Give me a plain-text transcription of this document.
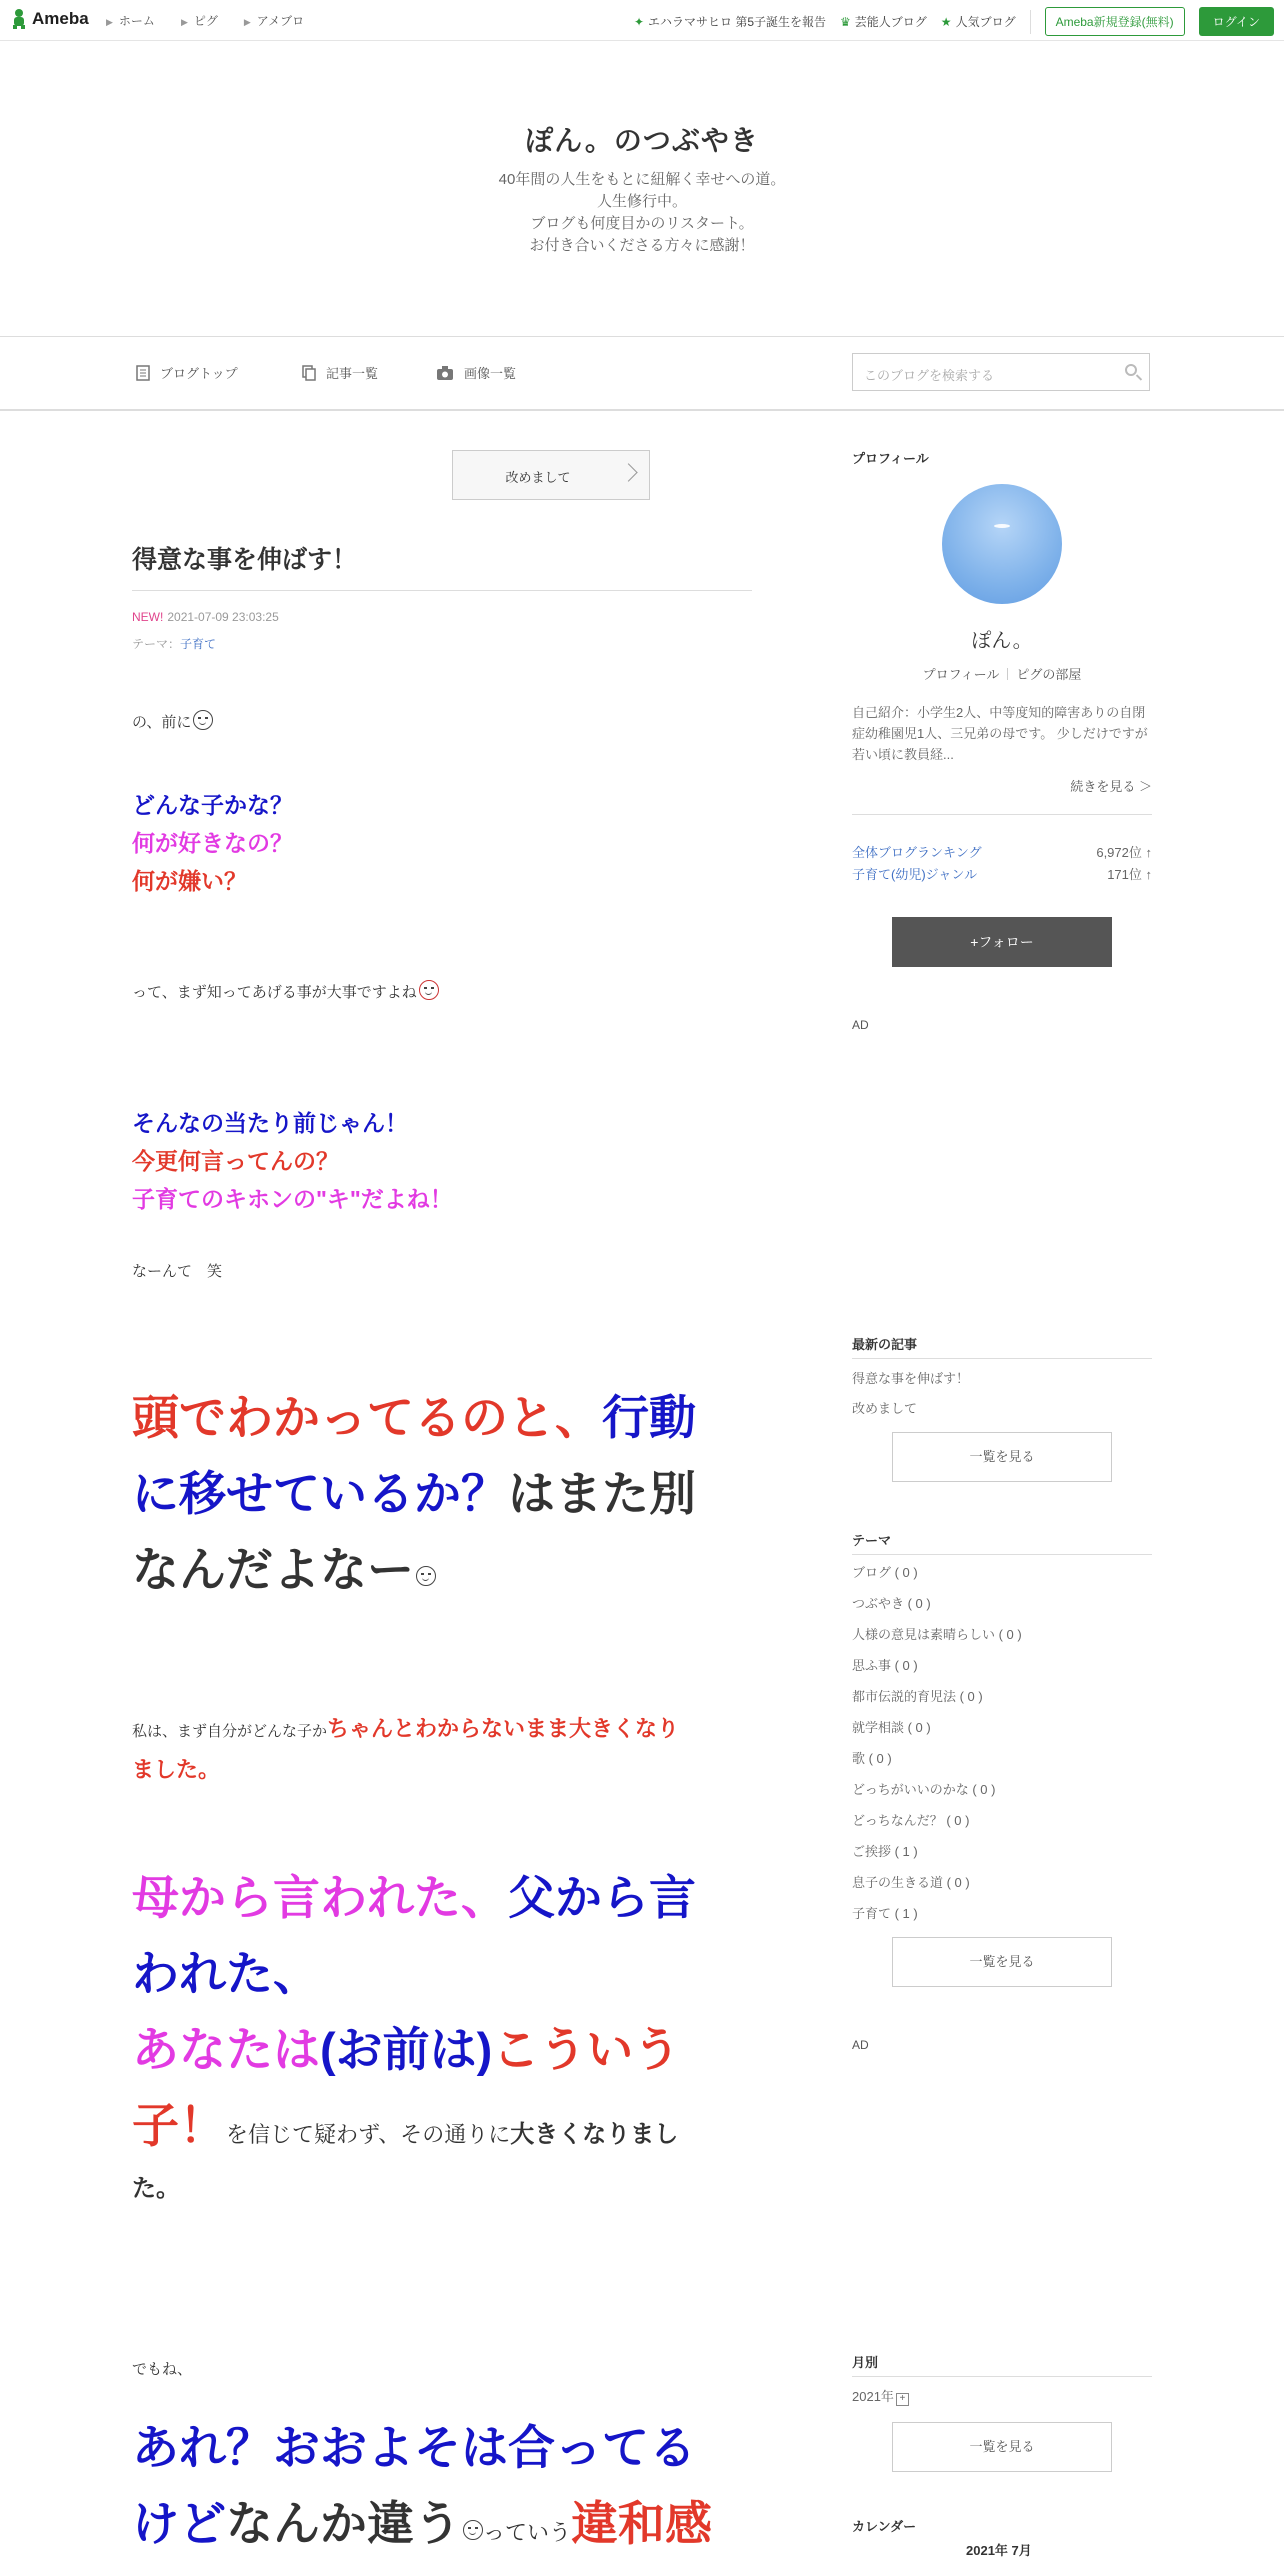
Ameba ▶ ホーム	▶ ピグ	▶ アメブロ	✦ エハラマサヒロ 第5子誕生を報告 ♛ 芸能人ブログ ★ 人気ブログ	Ameba新規登録(無料)	ログイン
ぽん。のつぶやき
40年間の人生をもとに紐解く幸せへの道。
人生修行中。
ブログも何度目かのリスタート。
お付き合いくださる方々に感謝！
ブログトップ	記事一覧	画像一覧	このブログを検索する
改めまして
得意な事を伸ばす！
NEW! 2021-07-09 23:03:25
テーマ：子育て
の、前に
どんな子かな？
何が好きなの？
何が嫌い？
って、まず知ってあげる事が大事ですよね
そんなの当たり前じゃん！
今更何言ってんの？
子育てのキホンの"キ"だよね！
なーんて　笑
頭でわかってるのと、行動
に移せているか？はまた別
なんだよなー
私は、まず自分がどんな子かちゃんとわからないまま大きくなり
ました。
母から言われた、父から言
われた、
あなたは(お前は)こういう
子！を信じて疑わず、その通りに大きくなりまし
た。
でもね、
あれ？おおよそは合ってる
けどなんか違う っていう違和感
プロフィール
ぽん。
プロフィール ピグの部屋
自己紹介：小学生2人、中等度知的障害ありの自閉症幼稚園児1人、三兄弟の母です。 少しだけですが若い頃に教員経...
続きを見る ＞
全体ブログランキング	6,972位 ↑
子育て(幼児)ジャンル	171位 ↑
+フォロー
AD
最新の記事
得意な事を伸ばす！
改めまして
一覧を見る
テーマ
ブログ ( 0 )
つぶやき ( 0 )
人様の意見は素晴らしい ( 0 )
思ふ事 ( 0 )
都市伝説的育児法 ( 0 )
就学相談 ( 0 )
歌 ( 0 )
どっちがいいのかな ( 0 )
どっちなんだ？ ( 0 )
ご挨拶 ( 1 )
息子の生きる道 ( 0 )
子育て ( 1 )
一覧を見る
AD
月別
2021年 +
一覧を見る
カレンダー
2021年 7月
